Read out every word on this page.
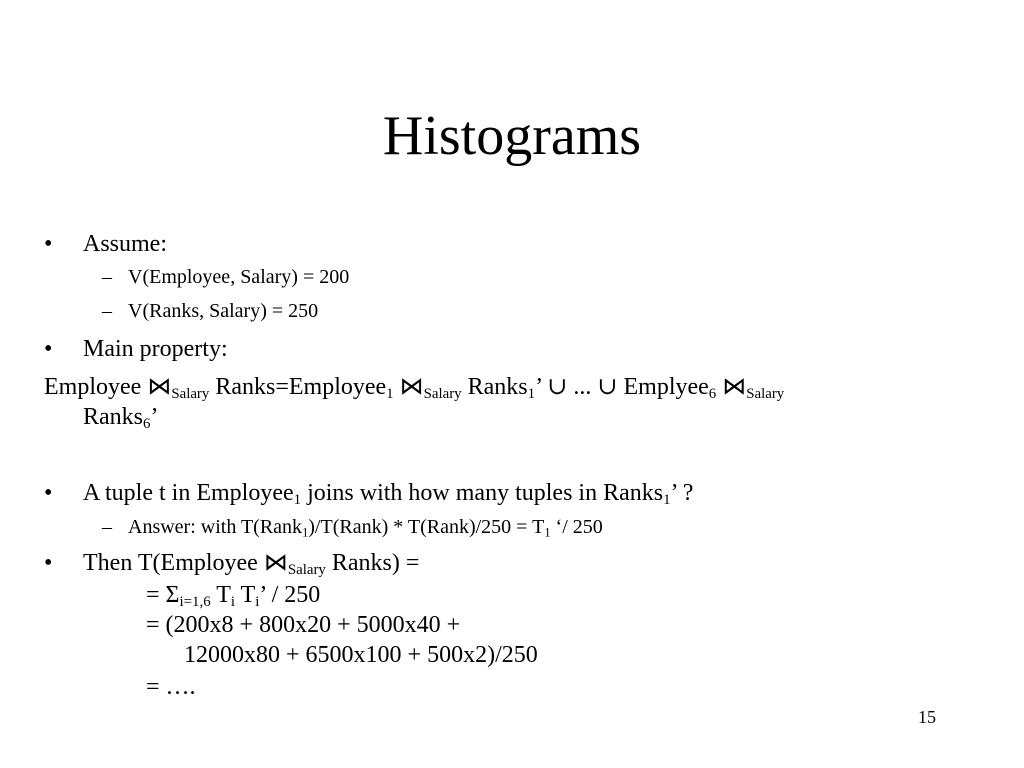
Histograms
• Assume:
– V(Employee, Salary) = 200
– V(Ranks, Salary) = 250
• Main property:
Employee $⋈_{Salary}$ Ranks=Employee$_1$ $⋈_{Salary}$ Ranks$_1$’ ∪ ... ∪ Emplyee$_6$ $⋈_{Salary}$
Ranks$_6$’
• A tuple t in Employee$_1$ joins with how many tuples in Ranks$_1$’ ?
– Answer: with T(Rank$_1$)/T(Rank) * T(Rank)/250 = $T_1$ ‘/ 250
• Then T(Employee $⋈_{Salary}$ Ranks) =
= $\Sigma_{i=1,6}$ $T_i$ $T_i$’ / 250
= (200x8 + 800x20 + 5000x40 +
12000x80 + 6500x100 + 500x2)/250
= ….
15
